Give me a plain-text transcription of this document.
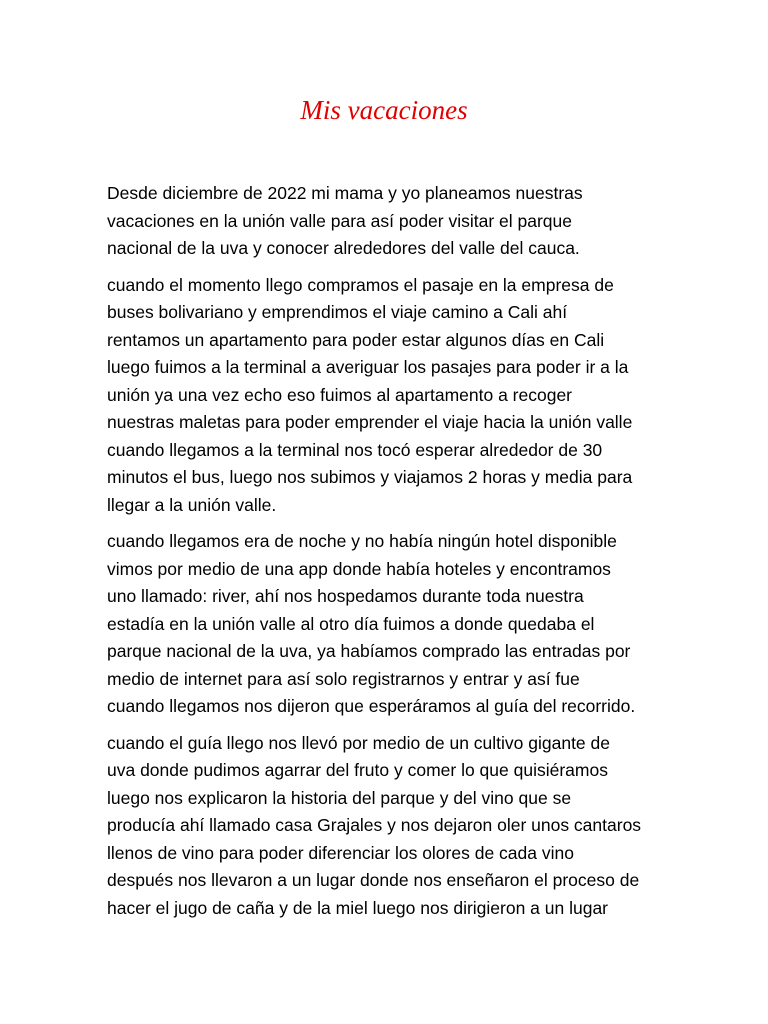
Mis vacaciones

Desde diciembre de 2022 mi mama y yo planeamos nuestras
vacaciones en la unión valle para así poder visitar el parque
nacional de la uva y conocer alrededores del valle del cauca.

cuando el momento llego compramos el pasaje en la empresa de
buses bolivariano y emprendimos el viaje camino a Cali ahí
rentamos un apartamento para poder estar algunos días en Cali
luego fuimos a la terminal a averiguar los pasajes para poder ir a la
unión ya una vez echo eso fuimos al apartamento a recoger
nuestras maletas para poder emprender el viaje hacia la unión valle
cuando llegamos a la terminal nos tocó esperar alrededor de 30
minutos el bus, luego nos subimos y viajamos 2 horas y media para
llegar a la unión valle.

cuando llegamos era de noche y no había ningún hotel disponible
vimos por medio de una app donde había hoteles y encontramos
uno llamado: river, ahí nos hospedamos durante toda nuestra
estadía en la unión valle al otro día fuimos a donde quedaba el
parque nacional de la uva, ya habíamos comprado las entradas por
medio de internet para así solo registrarnos y entrar y así fue
cuando llegamos nos dijeron que esperáramos al guía del recorrido.

cuando el guía llego nos llevó por medio de un cultivo gigante de
uva donde pudimos agarrar del fruto y comer lo que quisiéramos
luego nos explicaron la historia del parque y del vino que se
producía ahí llamado casa Grajales y nos dejaron oler unos cantaros
llenos de vino para poder diferenciar los olores de cada vino
después nos llevaron a un lugar donde nos enseñaron el proceso de
hacer el jugo de caña y de la miel luego nos dirigieron a un lugar
